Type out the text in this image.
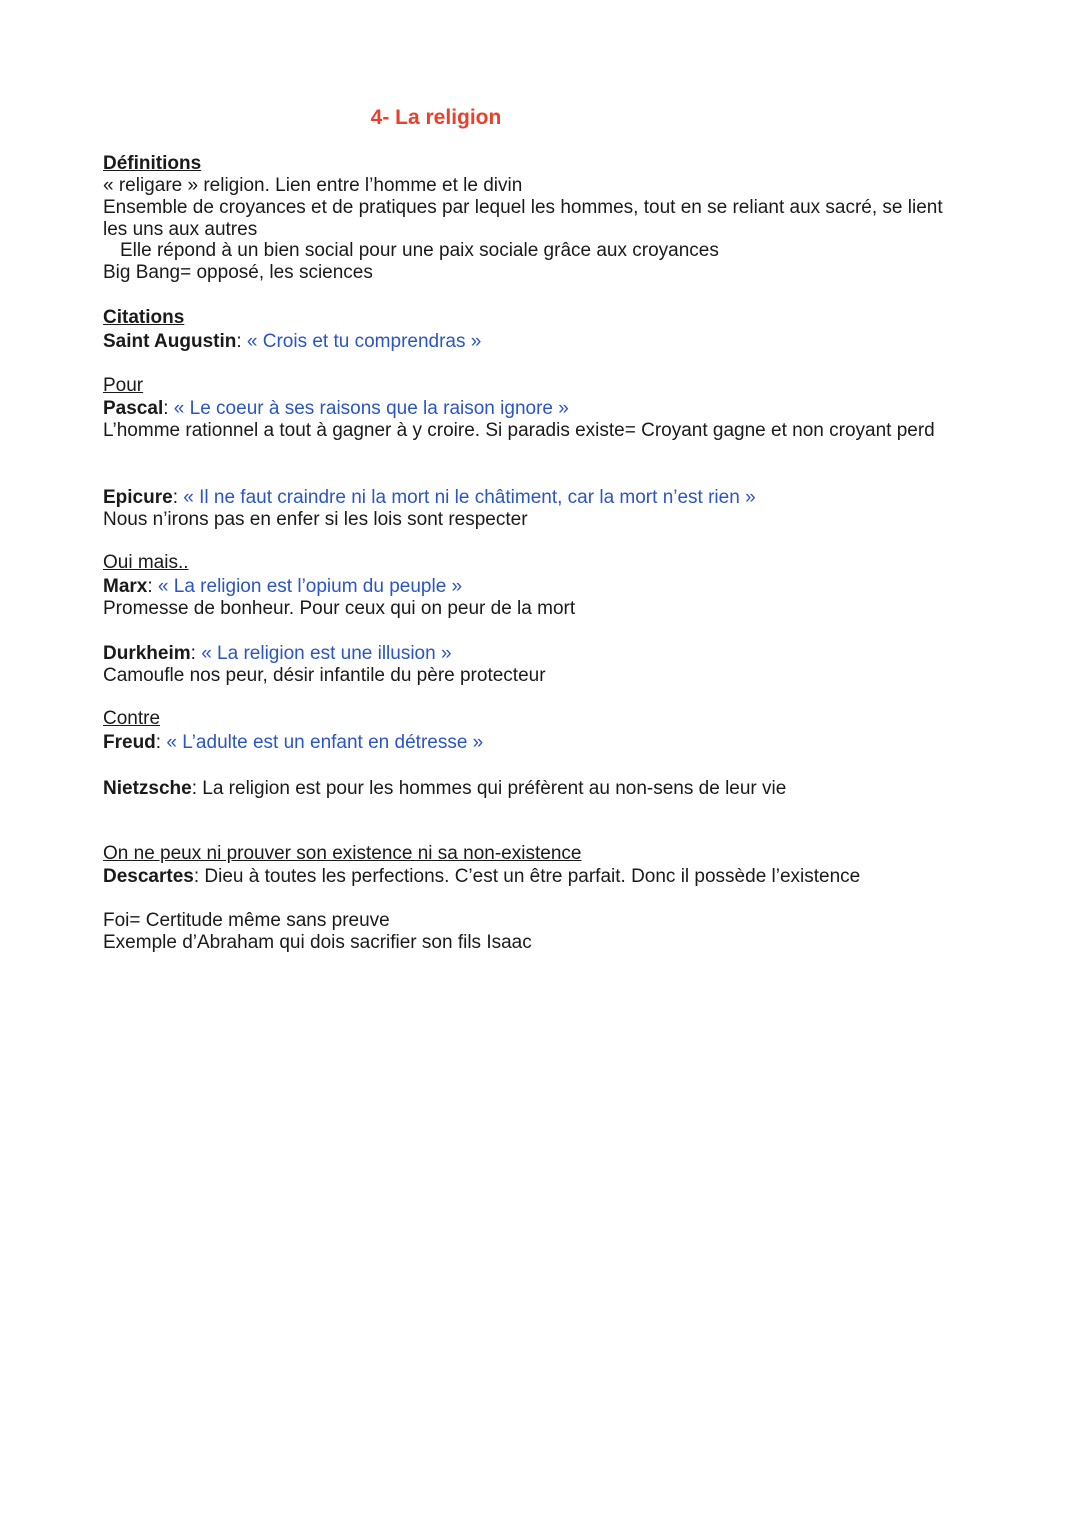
4- La religion
Définitions
« religare » religion. Lien entre l’homme et le divin
Ensemble de croyances et de pratiques par lequel les hommes, tout en se reliant aux sacré, se lient les uns aux autres
Elle répond à un bien social pour une paix sociale grâce aux croyances
Big Bang= opposé, les sciences
Citations
Saint Augustin: « Crois et tu comprendras »
Pour
Pascal: « Le coeur à ses raisons que la raison ignore »
L’homme rationnel a tout à gagner à y croire. Si paradis existe= Croyant gagne et non croyant perd
Epicure: « Il ne faut craindre ni la mort ni le châtiment, car la mort n’est rien »
Nous n’irons pas en enfer si les lois sont respecter
Oui mais..
Marx: « La religion est l’opium du peuple »
Promesse de bonheur. Pour ceux qui on peur de la mort
Durkheim: « La religion est une illusion »
Camoufle nos peur, désir infantile du père protecteur
Contre
Freud: « L’adulte est un enfant en détresse »
Nietzsche: La religion est pour les hommes qui préfèrent au non-sens de leur vie
On ne peux ni prouver son existence ni sa non-existence
Descartes: Dieu à toutes les perfections. C’est un être parfait. Donc il possède l’existence
Foi= Certitude même sans preuve
Exemple d’Abraham qui dois sacrifier son fils Isaac
